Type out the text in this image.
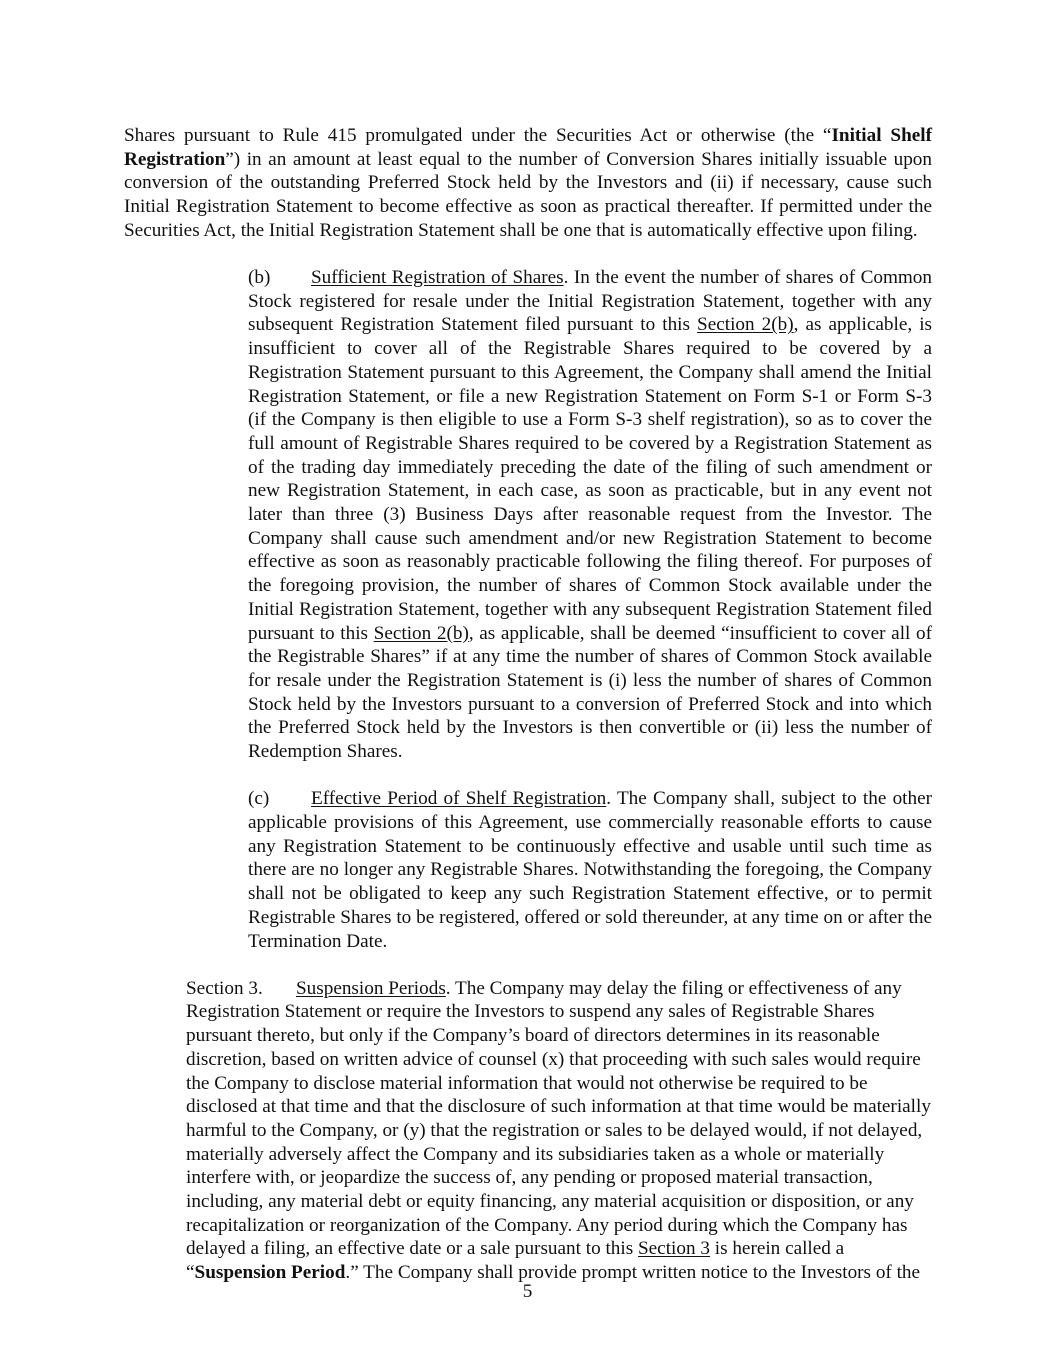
Shares pursuant to Rule 415 promulgated under the Securities Act or otherwise (the “Initial Shelf Registration”) in an amount at least equal to the number of Conversion Shares initially issuable upon conversion of the outstanding Preferred Stock held by the Investors and (ii) if necessary, cause such Initial Registration Statement to become effective as soon as practical thereafter. If permitted under the Securities Act, the Initial Registration Statement shall be one that is automatically effective upon filing.

(b) Sufficient Registration of Shares. In the event the number of shares of Common Stock registered for resale under the Initial Registration Statement, together with any subsequent Registration Statement filed pursuant to this Section 2(b), as applicable, is insufficient to cover all of the Registrable Shares required to be covered by a Registration Statement pursuant to this Agreement, the Company shall amend the Initial Registration Statement, or file a new Registration Statement on Form S-1 or Form S-3 (if the Company is then eligible to use a Form S-3 shelf registration), so as to cover the full amount of Registrable Shares required to be covered by a Registration Statement as of the trading day immediately preceding the date of the filing of such amendment or new Registration Statement, in each case, as soon as practicable, but in any event not later than three (3) Business Days after reasonable request from the Investor. The Company shall cause such amendment and/or new Registration Statement to become effective as soon as reasonably practicable following the filing thereof. For purposes of the foregoing provision, the number of shares of Common Stock available under the Initial Registration Statement, together with any subsequent Registration Statement filed pursuant to this Section 2(b), as applicable, shall be deemed “insufficient to cover all of the Registrable Shares” if at any time the number of shares of Common Stock available for resale under the Registration Statement is (i) less the number of shares of Common Stock held by the Investors pursuant to a conversion of Preferred Stock and into which the Preferred Stock held by the Investors is then convertible or (ii) less the number of Redemption Shares.

(c) Effective Period of Shelf Registration. The Company shall, subject to the other applicable provisions of this Agreement, use commercially reasonable efforts to cause any Registration Statement to be continuously effective and usable until such time as there are no longer any Registrable Shares. Notwithstanding the foregoing, the Company shall not be obligated to keep any such Registration Statement effective, or to permit Registrable Shares to be registered, offered or sold thereunder, at any time on or after the Termination Date.

Section 3. Suspension Periods. The Company may delay the filing or effectiveness of any Registration Statement or require the Investors to suspend any sales of Registrable Shares pursuant thereto, but only if the Company’s board of directors determines in its reasonable discretion, based on written advice of counsel (x) that proceeding with such sales would require the Company to disclose material information that would not otherwise be required to be disclosed at that time and that the disclosure of such information at that time would be materially harmful to the Company, or (y) that the registration or sales to be delayed would, if not delayed, materially adversely affect the Company and its subsidiaries taken as a whole or materially interfere with, or jeopardize the success of, any pending or proposed material transaction, including, any material debt or equity financing, any material acquisition or disposition, or any recapitalization or reorganization of the Company. Any period during which the Company has delayed a filing, an effective date or a sale pursuant to this Section 3 is herein called a “Suspension Period.” The Company shall provide prompt written notice to the Investors of the

5
